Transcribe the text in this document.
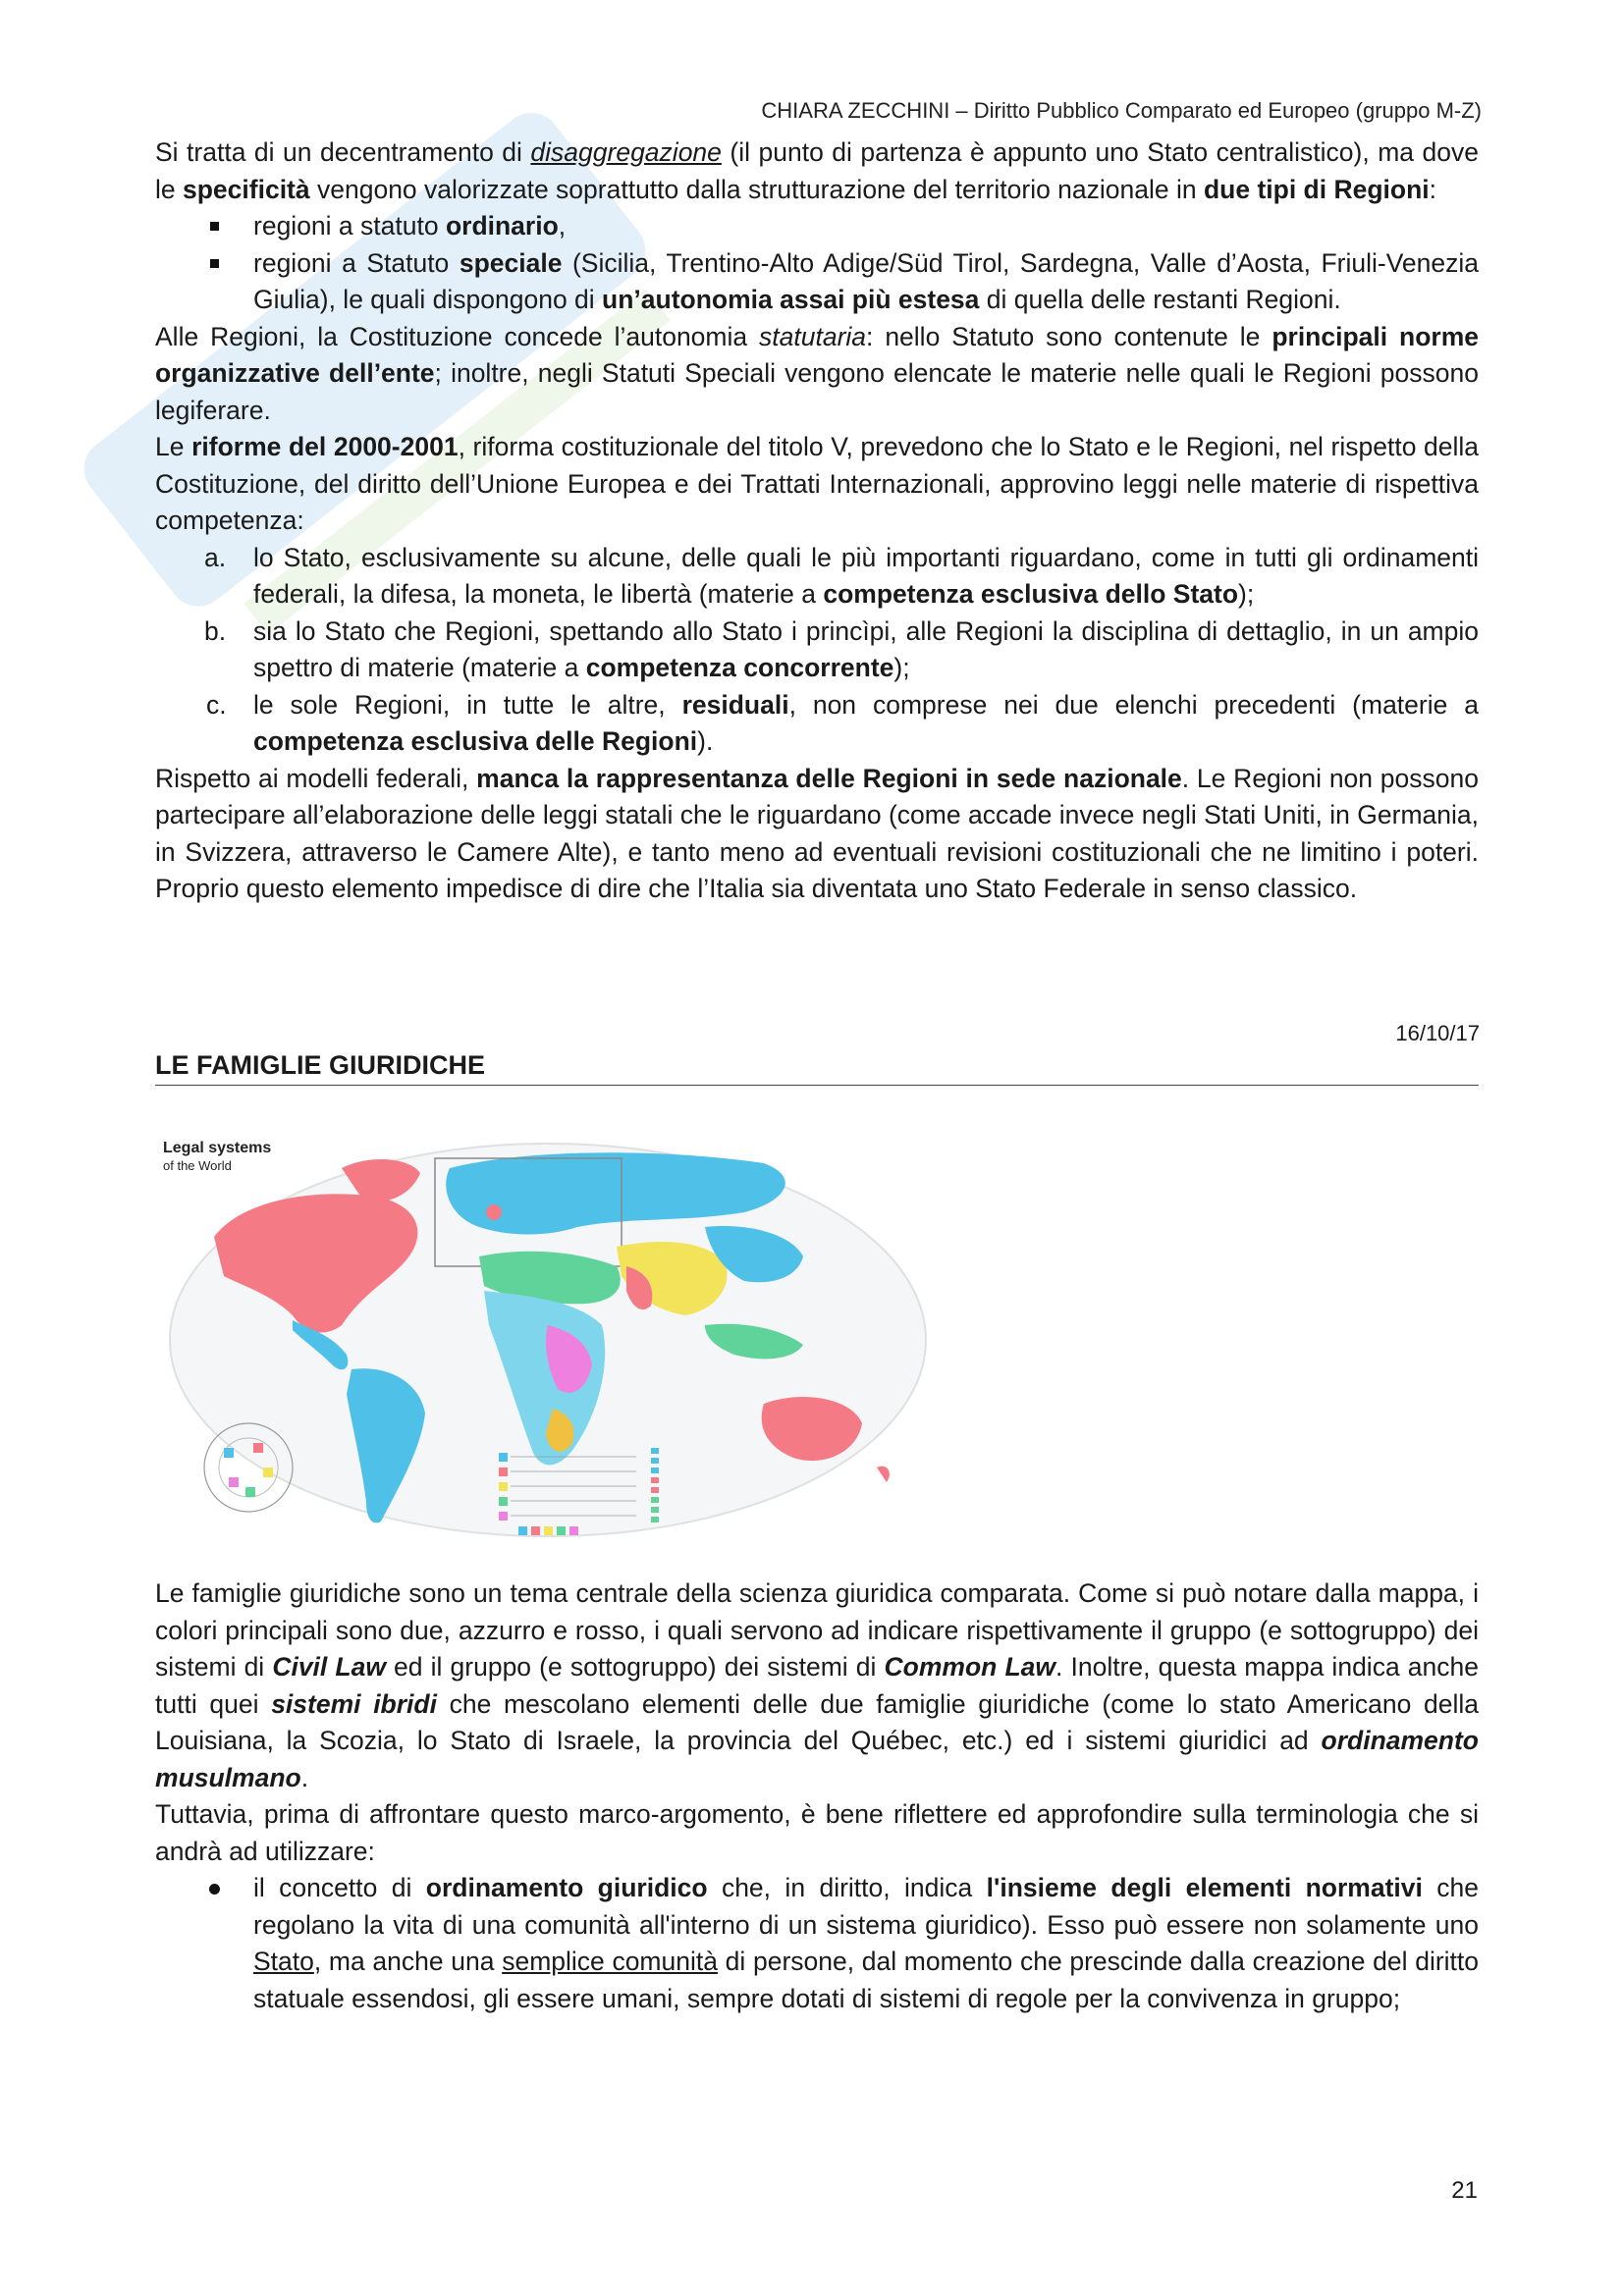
CHIARA ZECCHINI – Diritto Pubblico Comparato ed Europeo (gruppo M-Z)

Si tratta di un decentramento di disaggregazione (il punto di partenza è appunto uno Stato centralistico), ma dove le specificità vengono valorizzate soprattutto dalla strutturazione del territorio nazionale in due tipi di Regioni:

regioni a statuto ordinario,

regioni a Statuto speciale (Sicilia, Trentino-Alto Adige/Süd Tirol, Sardegna, Valle d’Aosta, Friuli-Venezia Giulia), le quali dispongono di un’autonomia assai più estesa di quella delle restanti Regioni.

Alle Regioni, la Costituzione concede l’autonomia statutaria: nello Statuto sono contenute le principali norme organizzative dell’ente; inoltre, negli Statuti Speciali vengono elencate le materie nelle quali le Regioni possono legiferare.

Le riforme del 2000-2001, riforma costituzionale del titolo V, prevedono che lo Stato e le Regioni, nel rispetto della Costituzione, del diritto dell’Unione Europea e dei Trattati Internazionali, approvino leggi nelle materie di rispettiva competenza:

a. lo Stato, esclusivamente su alcune, delle quali le più importanti riguardano, come in tutti gli ordinamenti federali, la difesa, la moneta, le libertà (materie a competenza esclusiva dello Stato);

b. sia lo Stato che Regioni, spettando allo Stato i princìpi, alle Regioni la disciplina di dettaglio, in un ampio spettro di materie (materie a competenza concorrente);

c. le sole Regioni, in tutte le altre, residuali, non comprese nei due elenchi precedenti (materie a competenza esclusiva delle Regioni).

Rispetto ai modelli federali, manca la rappresentanza delle Regioni in sede nazionale. Le Regioni non possono partecipare all’elaborazione delle leggi statali che le riguardano (come accade invece negli Stati Uniti, in Germania, in Svizzera, attraverso le Camere Alte), e tanto meno ad eventuali revisioni costituzionali che ne limitino i poteri. Proprio questo elemento impedisce di dire che l’Italia sia diventata uno Stato Federale in senso classico.

16/10/17
LE FAMIGLIE GIURIDICHE
Legal systems
of the World

Le famiglie giuridiche sono un tema centrale della scienza giuridica comparata. Come si può notare dalla mappa, i colori principali sono due, azzurro e rosso, i quali servono ad indicare rispettivamente il gruppo (e sottogruppo) dei sistemi di Civil Law ed il gruppo (e sottogruppo) dei sistemi di Common Law. Inoltre, questa mappa indica anche tutti quei sistemi ibridi che mescolano elementi delle due famiglie giuridiche (come lo stato Americano della Louisiana, la Scozia, lo Stato di Israele, la provincia del Québec, etc.) ed i sistemi giuridici ad ordinamento musulmano.

Tuttavia, prima di affrontare questo marco-argomento, è bene riflettere ed approfondire sulla terminologia che si andrà ad utilizzare:

il concetto di ordinamento giuridico che, in diritto, indica l'insieme degli elementi normativi che regolano la vita di una comunità all'interno di un sistema giuridico). Esso può essere non solamente uno Stato, ma anche una semplice comunità di persone, dal momento che prescinde dalla creazione del diritto statuale essendosi, gli essere umani, sempre dotati di sistemi di regole per la convivenza in gruppo;

21
